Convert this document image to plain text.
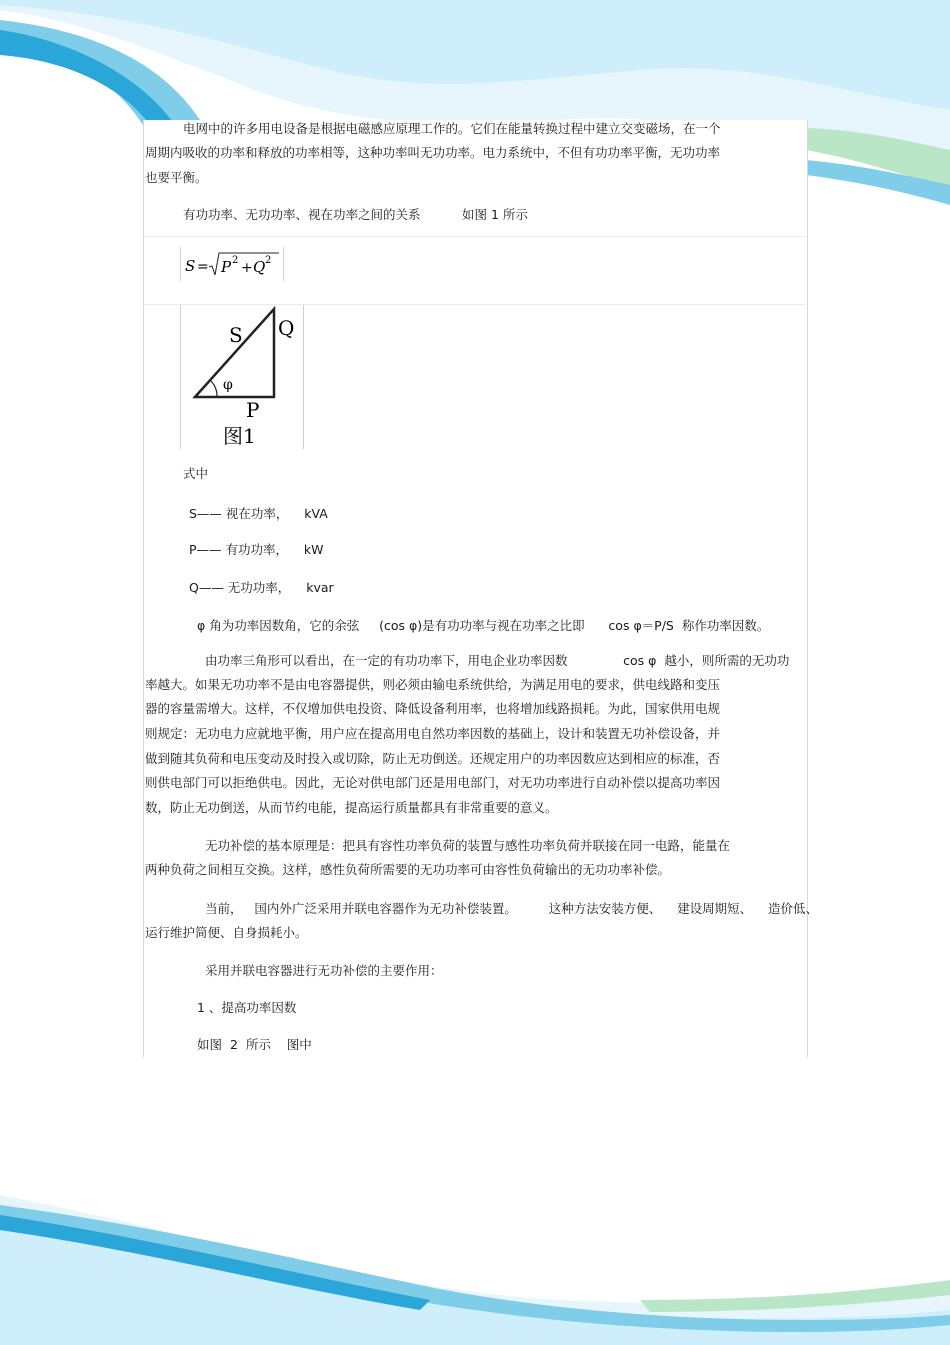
电网中的许多用电设备是根据电磁感应原理工作的。它们在能量转换过程中建立交变磁场，在一个
周期内吸收的功率和释放的功率相等，这种功率叫无功功率。电力系统中，不但有功功率平衡，无功功率
也要平衡。
有功功率、无功功率、视在功率之间的关系	如图 1 所示
S = P 2 + Q 2
S Q
φ
P
图1
式中
S—— 视在功率，    kVA
P—— 有功功率，    kW
Q—— 无功功率，    kvar
φ 角为功率因数角，它的余弦     (cos φ)是有功功率与视在功率之比即      cos φ＝P/S  称作功率因数。
由功率三角形可以看出，在一定的有功功率下，用电企业功率因数              cos φ  越小，则所需的无功功
率越大。如果无功功率不是由电容器提供，则必须由输电系统供给，为满足用电的要求，供电线路和变压
器的容量需增大。这样，不仅增加供电投资、降低设备利用率，也将增加线路损耗。为此，国家供用电规
则规定：无功电力应就地平衡，用户应在提高用电自然功率因数的基础上，设计和装置无功补偿设备，并
做到随其负荷和电压变动及时投入或切除，防止无功倒送。还规定用户的功率因数应达到相应的标准，否
则供电部门可以拒绝供电。因此，无论对供电部门还是用电部门，对无功功率进行自动补偿以提高功率因
数，防止无功倒送，从而节约电能，提高运行质量都具有非常重要的意义。
无功补偿的基本原理是：把具有容性功率负荷的装置与感性功率负荷并联接在同一电路，能量在
两种负荷之间相互交换。这样，感性负荷所需要的无功功率可由容性负荷输出的无功功率补偿。
当前，   国内外广泛采用并联电容器作为无功补偿装置。        这种方法安装方便、    建设周期短、    造价低、
运行维护简便、自身损耗小。
采用并联电容器进行无功补偿的主要作用：
1 、提高功率因数
如图  2  所示    图中
